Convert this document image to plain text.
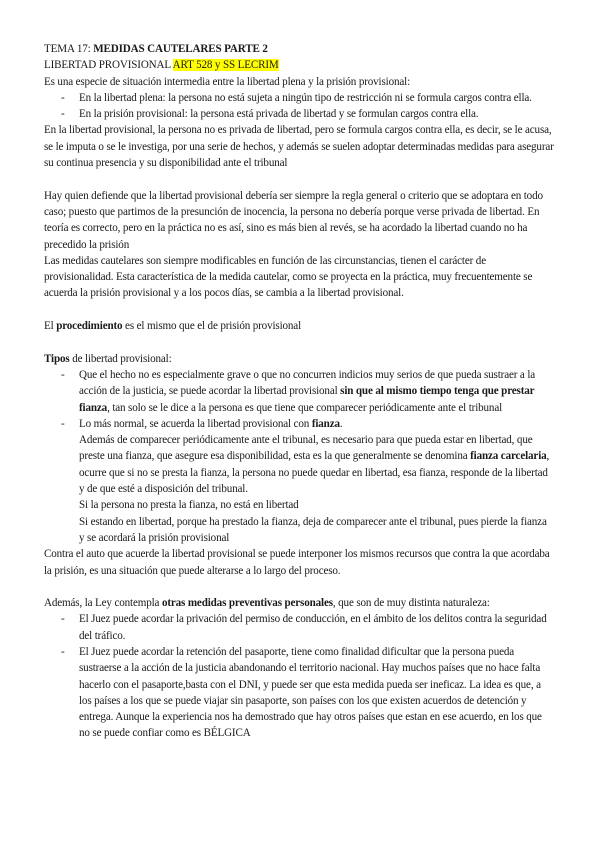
TEMA 17: MEDIDAS CAUTELARES PARTE 2

LIBERTAD PROVISIONAL ART 528 y SS LECRIM

Es una especie de situación intermedia entre la libertad plena y la prisión provisional:

- En la libertad plena: la persona no está sujeta a ningún tipo de restricción ni se formula cargos contra ella.
- En la prisión provisional: la persona está privada de libertad y se formulan cargos contra ella.

En la libertad provisional, la persona no es privada de libertad, pero se formula cargos contra ella, es decir, se le acusa, se le imputa o se le investiga, por una serie de hechos, y además se suelen adoptar determinadas medidas para asegurar su continua presencia y su disponibilidad ante el tribunal

Hay quien defiende que la libertad provisional debería ser siempre la regla general o criterio que se adoptara en todo caso; puesto que partimos de la presunción de inocencia, la persona no debería porque verse privada de libertad. En teoría es correcto, pero en la práctica no es así, sino es más bien al revés, se ha acordado la libertad cuando no ha precedido la prisión

Las medidas cautelares son siempre modificables en función de las circunstancias, tienen el carácter de provisionalidad. Esta característica de la medida cautelar, como se proyecta en la práctica, muy frecuentemente se acuerda la prisión provisional y a los pocos días, se cambia a la libertad provisional.

El procedimiento es el mismo que el de prisión provisional

Tipos de libertad provisional:

- Que el hecho no es especialmente grave o que no concurren indicios muy serios de que pueda sustraer a la acción de la justicia, se puede acordar la libertad provisional sin que al mismo tiempo tenga que prestar fianza, tan solo se le dice a la persona es que tiene que comparecer periódicamente ante el tribunal
- Lo más normal, se acuerda la libertad provisional con fianza.

Además de comparecer periódicamente ante el tribunal, es necesario para que pueda estar en libertad, que preste una fianza, que asegure esa disponibilidad, esta es la que generalmente se denomina fianza carcelaria, ocurre que si no se presta la fianza, la persona no puede quedar en libertad, esa fianza, responde de la libertad y de que esté a disposición del tribunal.

Si la persona no presta la fianza, no está en libertad

Si estando en libertad, porque ha prestado la fianza, deja de comparecer ante el tribunal, pues pierde la fianza y se acordará la prisión provisional

Contra el auto que acuerde la libertad provisional se puede interponer los mismos recursos que contra la que acordaba la prisión, es una situación que puede alterarse a lo largo del proceso.

Además, la Ley contempla otras medidas preventivas personales, que son de muy distinta naturaleza:

- El Juez puede acordar la privación del permiso de conducción, en el ámbito de los delitos contra la seguridad del tráfico.
- El Juez puede acordar la retención del pasaporte, tiene como finalidad dificultar que la persona pueda sustraerse a la acción de la justicia abandonando el territorio nacional. Hay muchos países que no hace falta hacerlo con el pasaporte,basta con el DNI, y puede ser que esta medida pueda ser ineficaz. La idea es que, a los países a los que se puede viajar sin pasaporte, son países con los que existen acuerdos de detención y entrega. Aunque la experiencia nos ha demostrado que hay otros países que estan en ese acuerdo, en los que no se puede confiar como es BÉLGICA
